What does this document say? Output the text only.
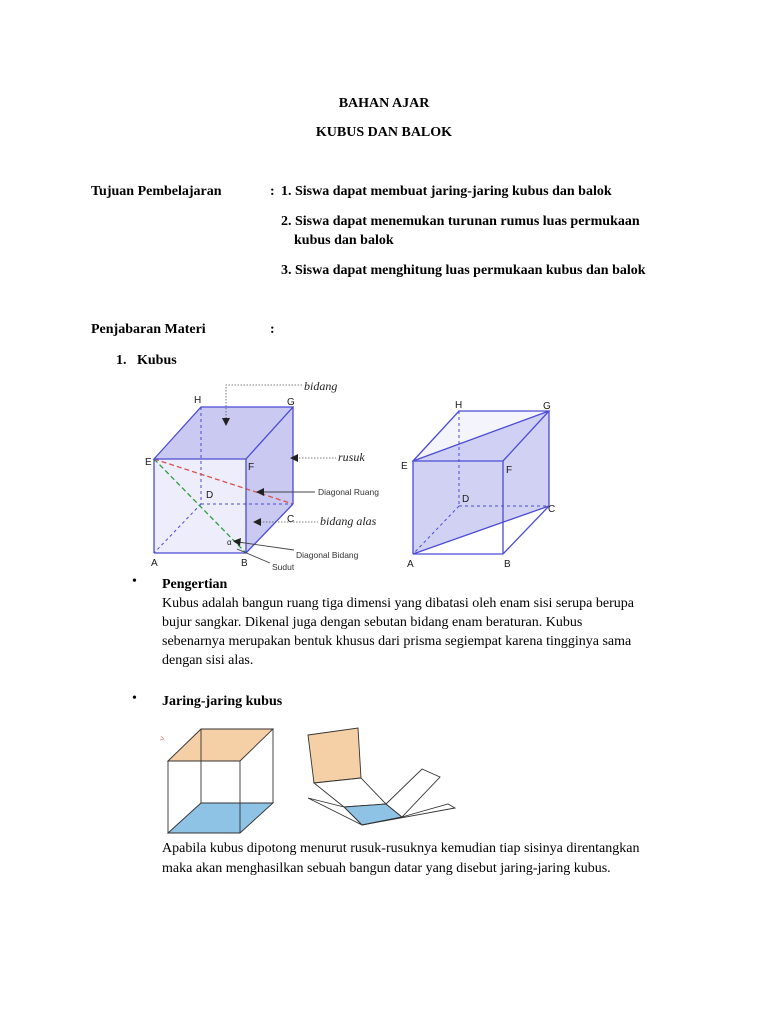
BAHAN AJAR
KUBUS DAN BALOK
Tujuan Pembelajaran	: 1. Siswa dapat membuat jaring-jaring kubus dan balok
2. Siswa dapat menemukan turunan rumus luas permukaan
kubus dan balok
3. Siswa dapat menghitung luas permukaan kubus dan balok
Penjabaran Materi	:
1. Kubus
H	G
E	F
D
C
A	B
bidang
rusuk
Diagonal Ruang
bidang alas
α
Diagonal Bidang
Sudut
H	G
E	F
D
C
A	B
• Pengertian
Kubus adalah bangun ruang tiga dimensi yang dibatasi oleh enam sisi serupa berupa
bujur sangkar. Dikenal juga dengan sebutan bidang enam beraturan. Kubus
sebenarnya merupakan bentuk khusus dari prisma segiempat karena tingginya sama
dengan sisi alas.
• Jaring-jaring kubus
Apabila kubus dipotong menurut rusuk-rusuknya kemudian tiap sisinya direntangkan
maka akan menghasilkan sebuah bangun datar yang disebut jaring-jaring kubus.
